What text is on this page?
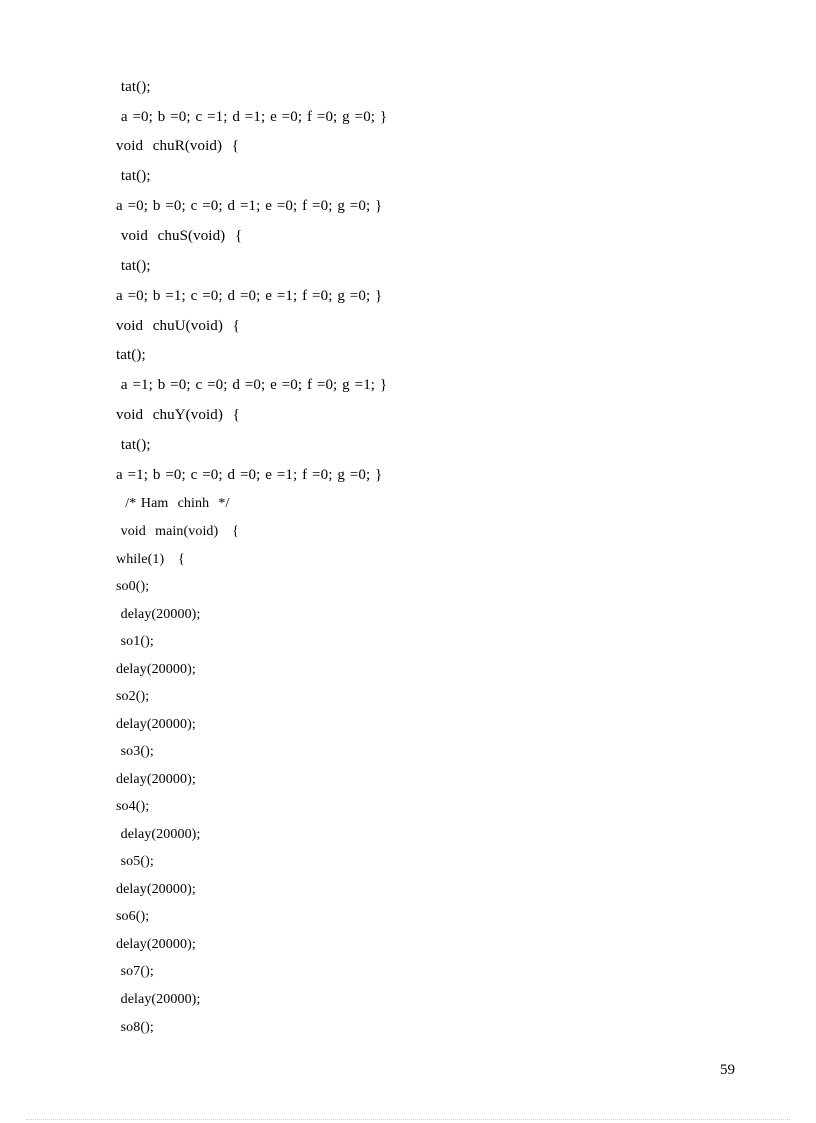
tat();
a =0; b =0; c =1; d =1; e =0; f =0; g =0; }
void  chuR(void)  {
tat();
a =0; b =0; c =0; d =1; e =0; f =0; g =0; }
void  chuS(void)  {
tat();
a =0; b =1; c =0; d =0; e =1; f =0; g =0; }
void  chuU(void)  {
tat();
a =1; b =0; c =0; d =0; e =0; f =0; g =1; }
void  chuY(void)  {
tat();
a =1; b =0; c =0; d =0; e =1; f =0; g =0; }
/* Ham  chinh  */
void  main(void)   {
while(1)   {
so0();
delay(20000);
so1();
delay(20000);
so2();
delay(20000);
so3();
delay(20000);
so4();
delay(20000);
so5();
delay(20000);
so6();
delay(20000);
so7();
delay(20000);
so8();
59
